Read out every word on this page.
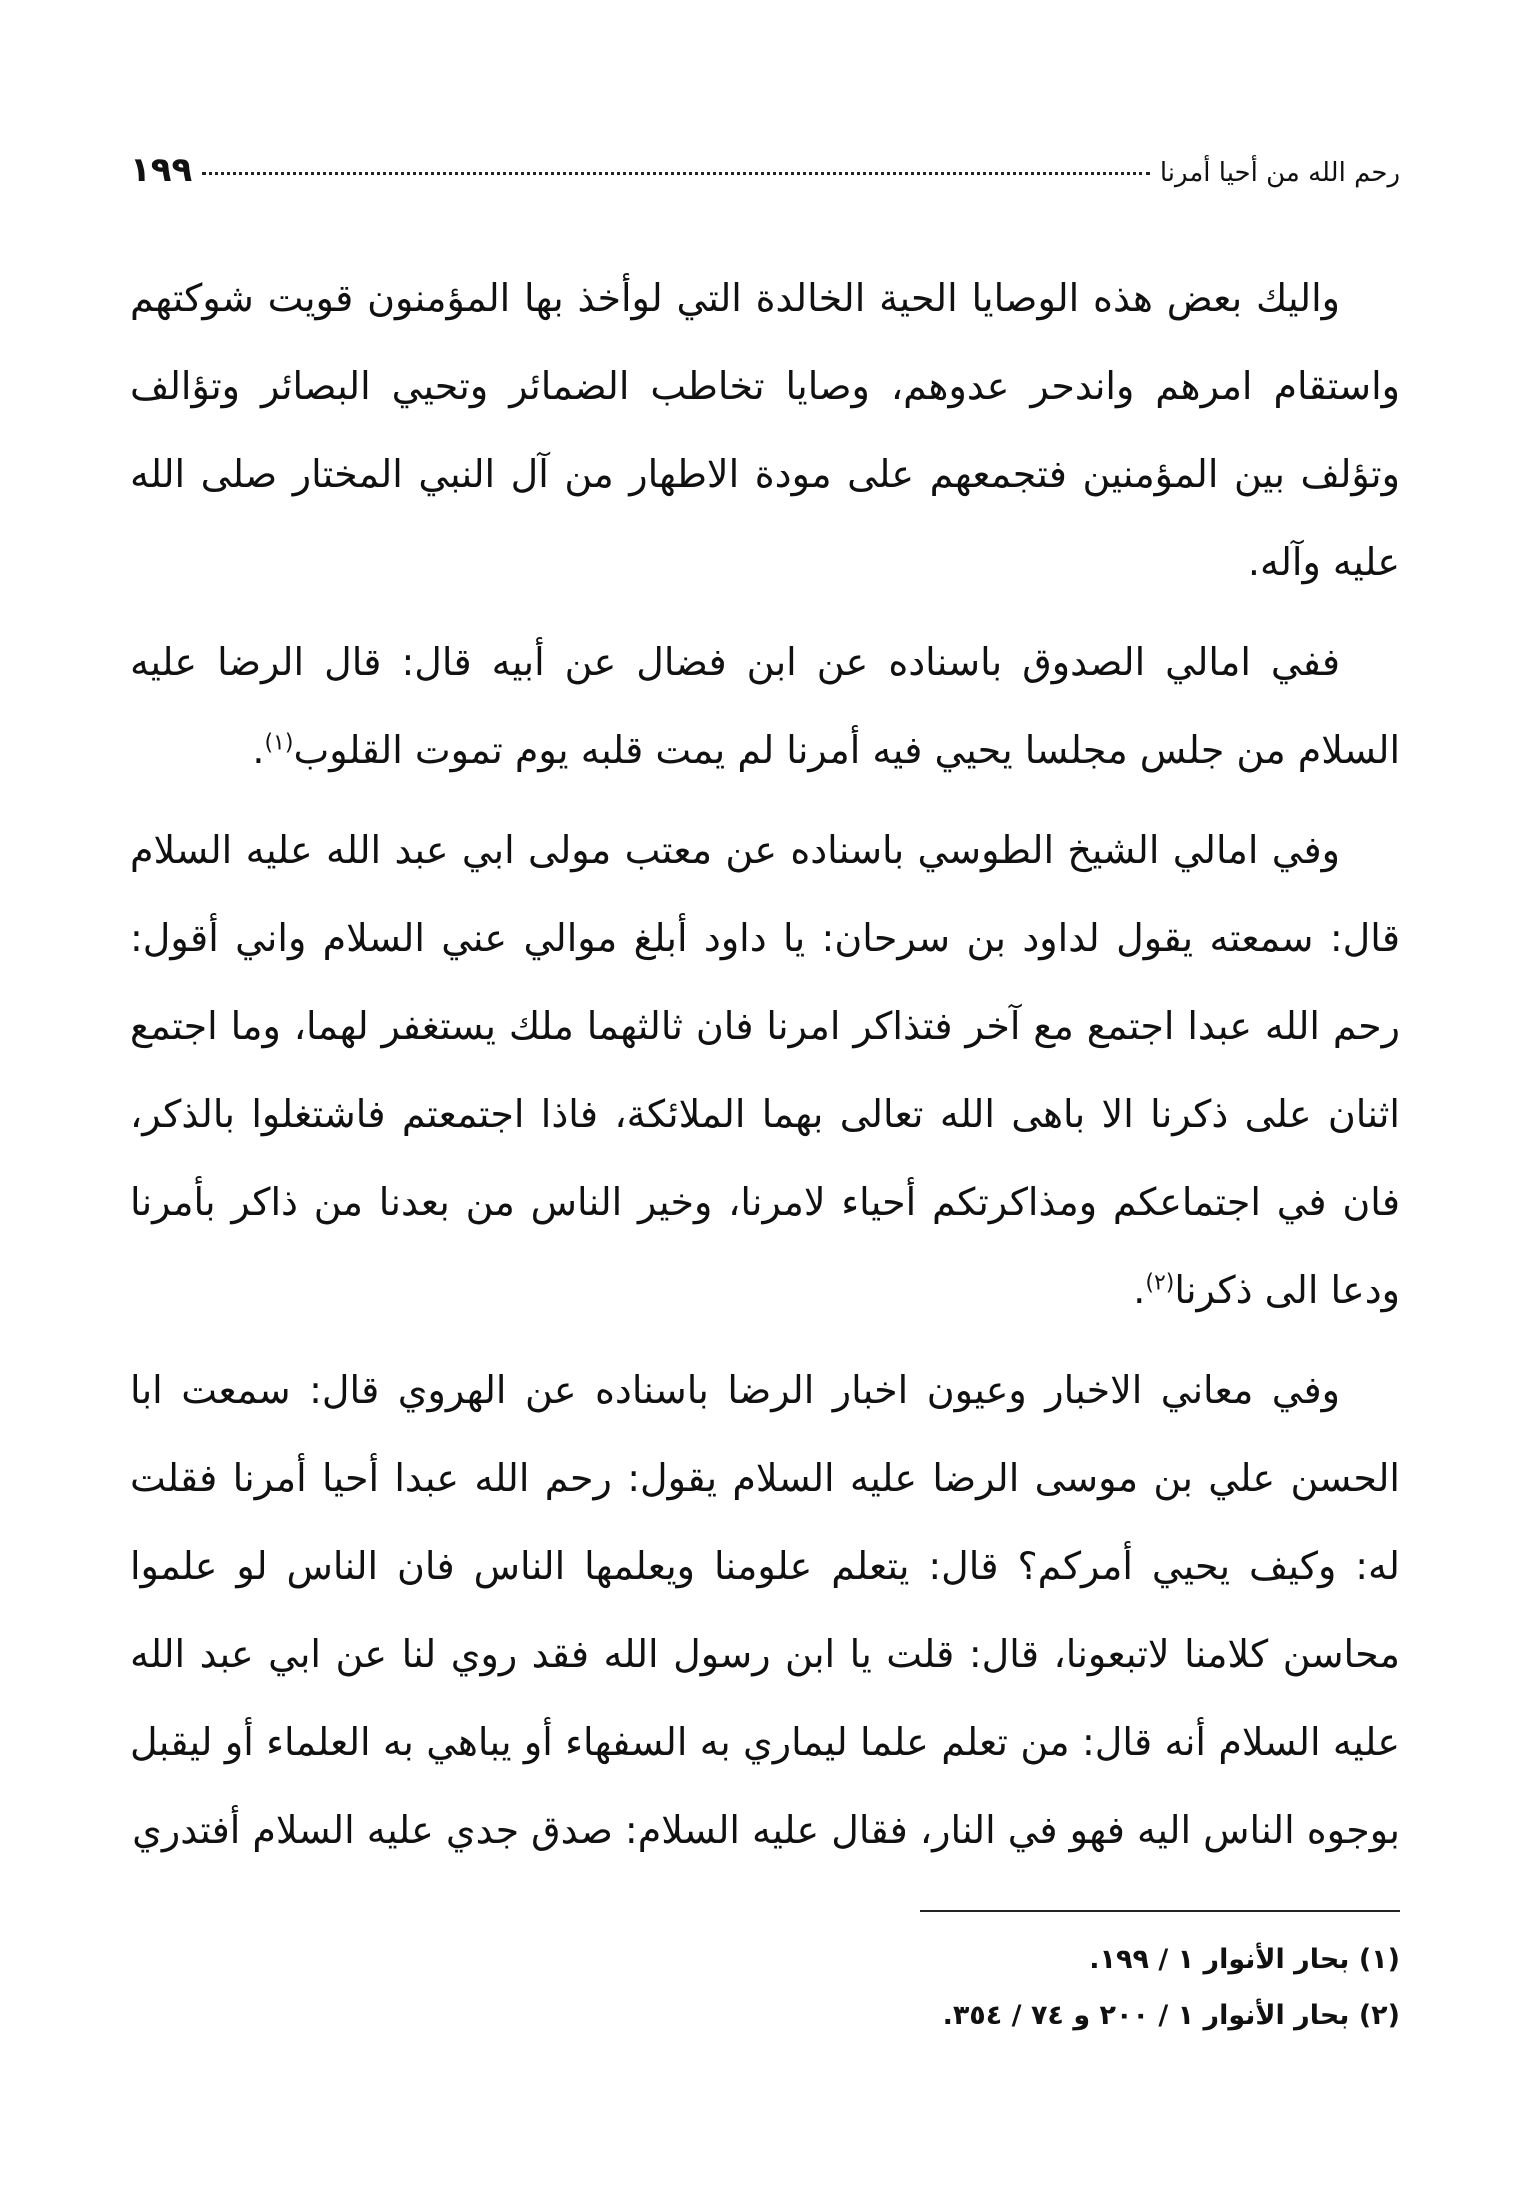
رحم الله من أحيا أمرنا
١٩٩

واليك بعض هذه الوصايا الحية الخالدة التي لوأخذ بها المؤمنون قويت شوكتهم واستقام امرهم واندحر عدوهم، وصايا تخاطب الضمائر وتحيي البصائر وتؤالف وتؤلف بين المؤمنين فتجمعهم على مودة الاطهار من آل النبي المختار صلى الله عليه وآله.

ففي امالي الصدوق باسناده عن ابن فضال عن أبيه قال: قال الرضا عليه السلام من جلس مجلسا يحيي فيه أمرنا لم يمت قلبه يوم تموت القلوب$^{(١)}$.

وفي امالي الشيخ الطوسي باسناده عن معتب مولى ابي عبد الله عليه السلام قال: سمعته يقول لداود بن سرحان: يا داود أبلغ موالي عني السلام واني أقول: رحم الله عبدا اجتمع مع آخر فتذاكر امرنا فان ثالثهما ملك يستغفر لهما، وما اجتمع اثنان على ذكرنا الا باهى الله تعالى بهما الملائكة، فاذا اجتمعتم فاشتغلوا بالذكر، فان في اجتماعكم ومذاكرتكم أحياء لامرنا، وخير الناس من بعدنا من ذاكر بأمرنا ودعا الى ذكرنا$^{(٢)}$.

وفي معاني الاخبار وعيون اخبار الرضا باسناده عن الهروي قال: سمعت ابا الحسن علي بن موسى الرضا عليه السلام يقول: رحم الله عبدا أحيا أمرنا فقلت له: وكيف يحيي أمركم؟ قال: يتعلم علومنا ويعلمها الناس فان الناس لو علموا محاسن كلامنا لاتبعونا، قال: قلت يا ابن رسول الله فقد روي لنا عن ابي عبد الله عليه السلام أنه قال: من تعلم علما ليماري به السفهاء أو يباهي به العلماء أو ليقبل بوجوه الناس اليه فهو في النار، فقال عليه السلام: صدق جدي عليه السلام أفتدري

(١) بحار الأنوار ١ / ١٩٩.

(٢) بحار الأنوار ١ / ٢٠٠ و ٧٤ / ٣٥٤.
